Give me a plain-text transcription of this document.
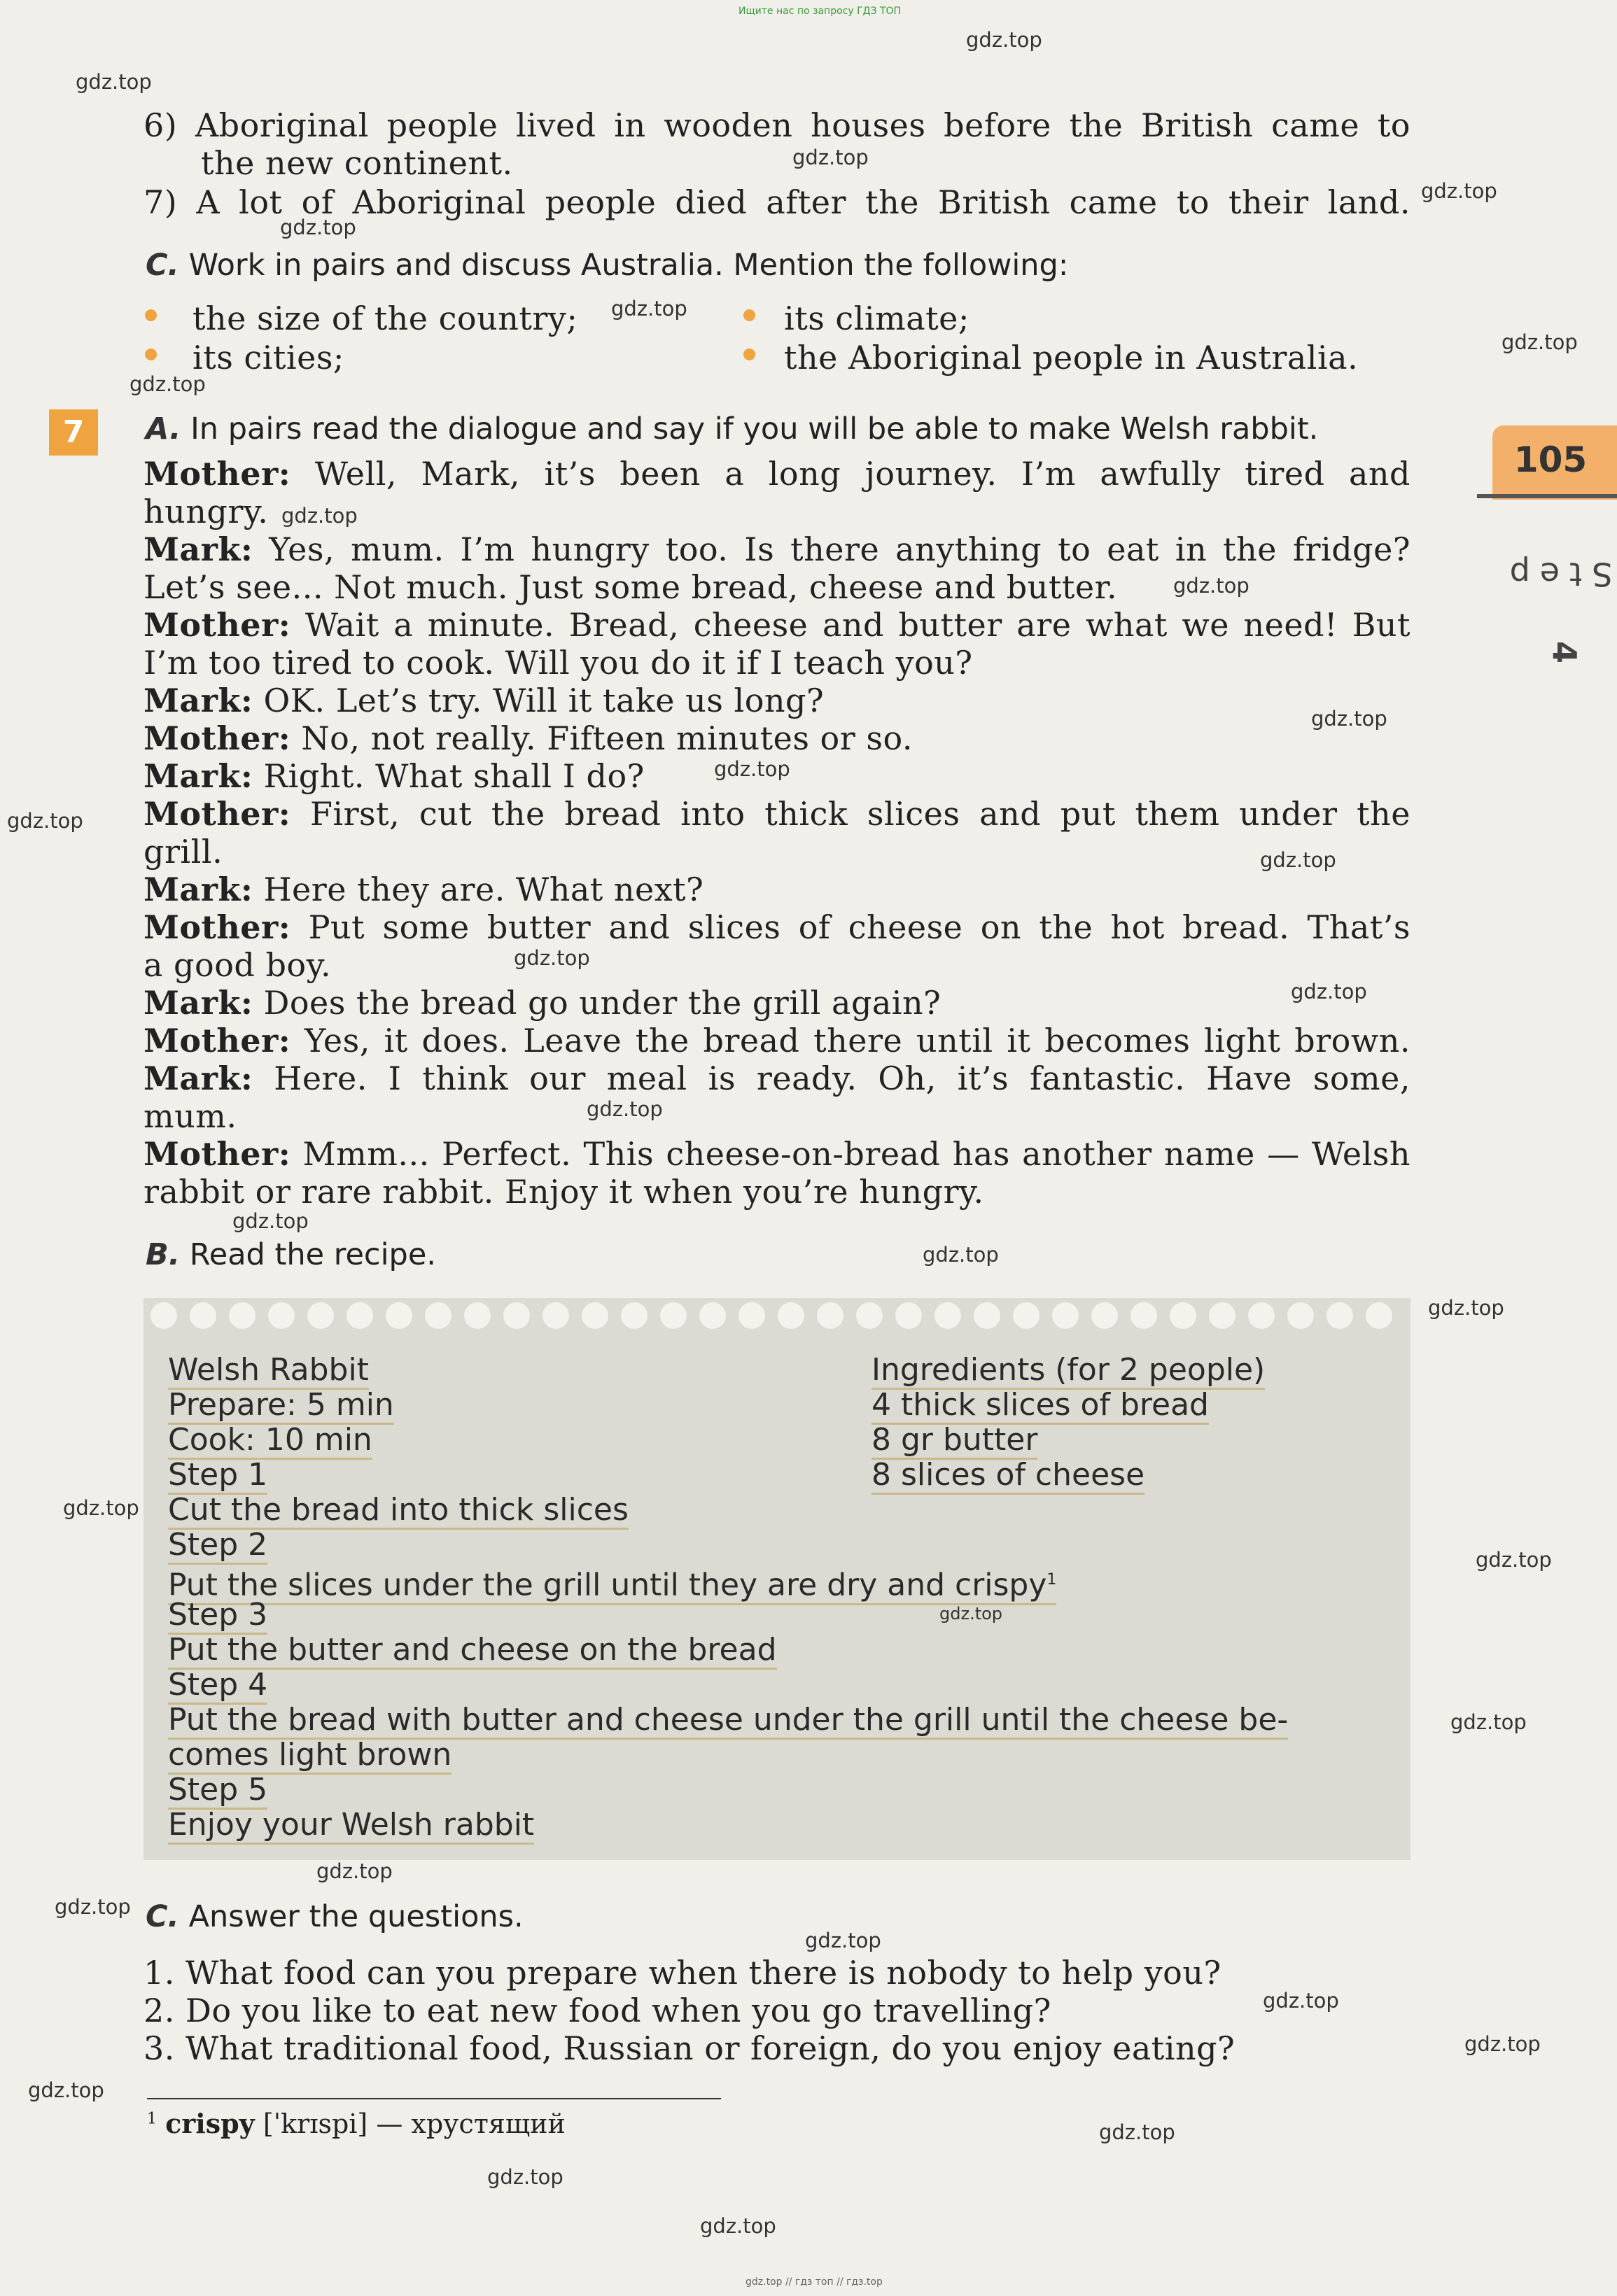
Ищите нас по запросу ГДЗ ТОП
105
Step
4
6) Aboriginal people lived in wooden houses before the British came to
the new continent.
7) A lot of Aboriginal people died after the British came to their land.
C. Work in pairs and discuss Australia. Mention the following:
the size of the country;	its climate;
its cities;	the Aboriginal people in Australia.
7	A. In pairs read the dialogue and say if you will be able to make Welsh rabbit.
Mother: Well, Mark, it’s been a long journey. I’m awfully tired and
hungry.
Mark: Yes, mum. I’m hungry too. Is there anything to eat in the fridge?
Let’s see... Not much. Just some bread, cheese and butter.
Mother: Wait a minute. Bread, cheese and butter are what we need! But
I’m too tired to cook. Will you do it if I teach you?
Mark: OK. Let’s try. Will it take us long?
Mother: No, not really. Fifteen minutes or so.
Mark: Right. What shall I do?
Mother: First, cut the bread into thick slices and put them under the
grill.
Mark: Here they are. What next?
Mother: Put some butter and slices of cheese on the hot bread. That’s
a good boy.
Mark: Does the bread go under the grill again?
Mother: Yes, it does. Leave the bread there until it becomes light brown.
Mark: Here. I think our meal is ready. Oh, it’s fantastic. Have some,
mum.
Mother: Mmm... Perfect. This cheese-on-bread has another name — Welsh
rabbit or rare rabbit. Enjoy it when you’re hungry.
B. Read the recipe.
Welsh Rabbit
Prepare: 5 min
Cook: 10 min
Step 1
Cut the bread into thick slices
Step 2
Put the slices under the grill until they are dry and crispy$^1$
Step 3
Put the butter and cheese on the bread
Step 4
Put the bread with butter and cheese under the grill until the cheese be-
comes light brown
Step 5
Enjoy your Welsh rabbit
Ingredients (for 2 people)
4 thick slices of bread
8 gr butter
8 slices of cheese
C. Answer the questions.
1. What food can you prepare when there is nobody to help you?
2. Do you like to eat new food when you go travelling?
3. What traditional food, Russian or foreign, do you enjoy eating?
$^1$ crispy [ˈkrɪspi] — хрустящий
gdz.top
gdz.top
gdz.top
gdz.top
gdz.top
gdz.top
gdz.top
gdz.top
gdz.top
gdz.top
gdz.top
gdz.top
gdz.top
gdz.top
gdz.top
gdz.top
gdz.top
gdz.top
gdz.top
gdz.top
gdz.top
gdz.top
gdz.top
gdz.top
gdz.top
gdz.top
gdz.top
gdz.top
gdz.top
gdz.top
gdz.top
gdz.top
gdz.top
gdz.top // гдз топ // гдз.top
